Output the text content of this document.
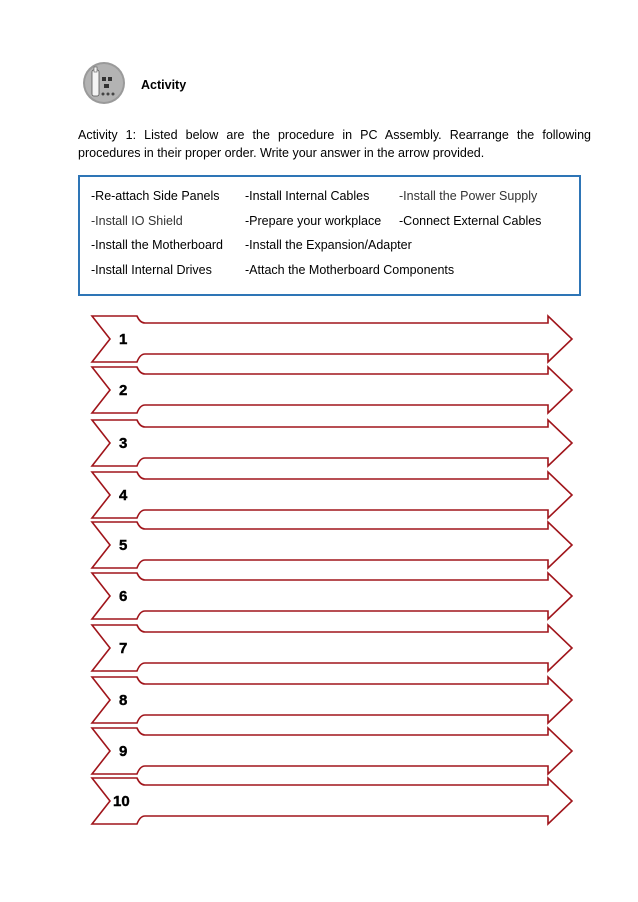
Activity
Activity 1: Listed below are the procedure in PC Assembly. Rearrange the following procedures in their proper order. Write your answer in the arrow provided.
-Re-attach Side Panels -Install Internal Cables -Install the Power Supply
-Install IO Shield	-Prepare your workplace -Connect External Cables
-Install the Motherboard -Install the Expansion/Adapter
-Install Internal Drives	-Attach the Motherboard Components
1
2
3
4
5
6
7
8
9
10
